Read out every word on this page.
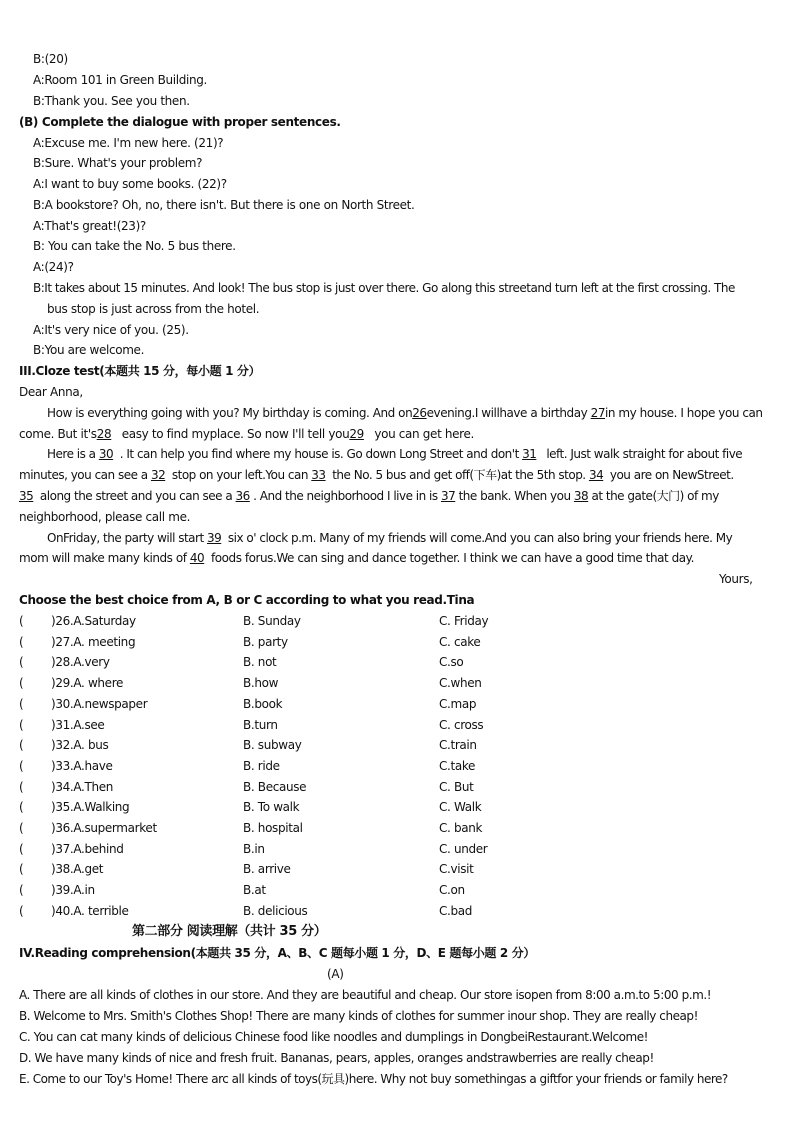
B:(20)
A:Room 101 in Green Building.
B:Thank you. See you then.
(B) Complete the dialogue with proper sentences.
A:Excuse me. I'm new here. (21)?
B:Sure. What's your problem?
A:I want to buy some books. (22)?
B:A bookstore? Oh, no, there isn't. But there is one on North Street.
A:That's great!(23)?
B: You can take the No. 5 bus there.
A:(24)?
B:It takes about 15 minutes. And look! The bus stop is just over there. Go along this streetand turn left at the first crossing. The
bus stop is just across from the hotel.
A:It's very nice of you. (25).
B:You are welcome.
III.Cloze test(本题共 15 分，每小题 1 分）
Dear Anna,
How is everything going with you? My birthday is coming. And on26evening.I willhave a birthday 27in my house. I hope you can
come. But it's28 easy to find myplace. So now I'll tell you29 you can get here.
Here is a 30 . It can help you find where my house is. Go down Long Street and don't 31 left. Just walk straight for about five
minutes, you can see a 32 stop on your left.You can 33 the No. 5 bus and get off(下车)at the 5th stop. 34 you are on NewStreet.
35 along the street and you can see a 36 . And the neighborhood I live in is 37 the bank. When you 38 at the gate(大门) of my
neighborhood, please call me.
OnFriday, the party will start 39 six o' clock p.m. Many of my friends will come.And you can also bring your friends here. My
mom will make many kinds of 40 foods forus.We can sing and dance together. I think we can have a good time that day.
Yours,
Choose the best choice from A, B or C according to what you read.Tina
( )26.A.Saturday	B. Sunday	C. Friday
( )27.A. meeting	B. party	C. cake
( )28.A.very	B. not	C.so
( )29.A. where	B.how	C.when
( )30.A.newspaper	B.book	C.map
( )31.A.see	B.turn	C. cross
( )32.A. bus	B. subway	C.train
( )33.A.have	B. ride	C.take
( )34.A.Then	B. Because	C. But
( )35.A.Walking	B. To walk	C. Walk
( )36.A.supermarket	B. hospital	C. bank
( )37.A.behind	B.in	C. under
( )38.A.get	B. arrive	C.visit
( )39.A.in	B.at	C.on
( )40.A. terrible	B. delicious	C.bad
第二部分 阅读理解（共计 35 分）
IV.Reading comprehension(本题共 35 分，A、B、C 题每小题 1 分，D、E 题每小题 2 分）
(A)
A. There are all kinds of clothes in our store. And they are beautiful and cheap. Our store isopen from 8:00 a.m.to 5:00 p.m.!
B. Welcome to Mrs. Smith's Clothes Shop! There are many kinds of clothes for summer inour shop. They are really cheap!
C. You can cat many kinds of delicious Chinese food like noodles and dumplings in DongbeiRestaurant.Welcome!
D. We have many kinds of nice and fresh fruit. Bananas, pears, apples, oranges andstrawberries are really cheap!
E. Come to our Toy's Home! There arc all kinds of toys(玩具)here. Why not buy somethingas a giftfor your friends or family here?
